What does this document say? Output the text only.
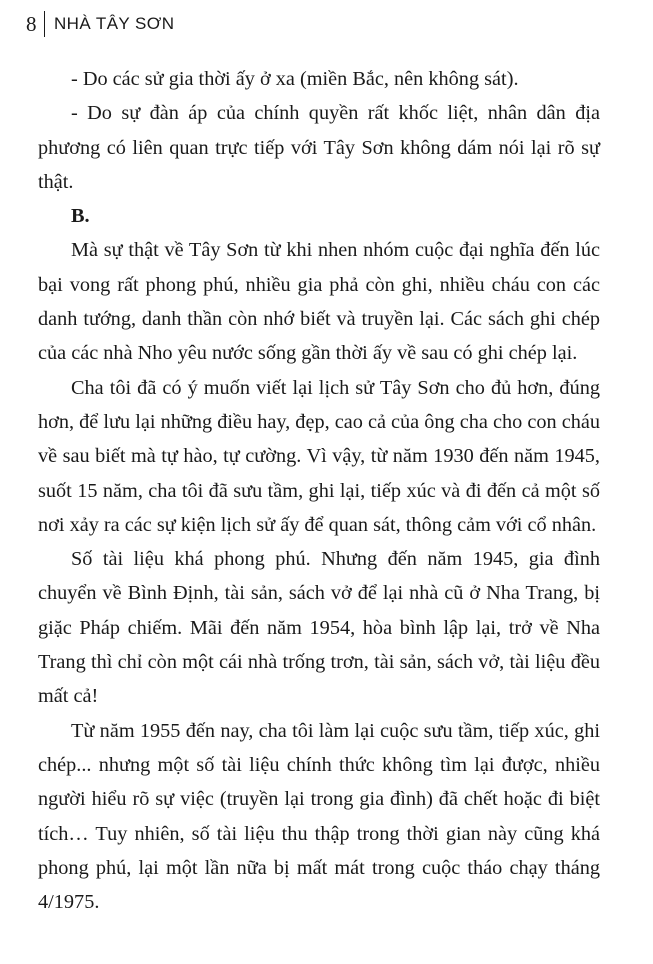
8 NHÀ TÂY SƠN

- Do các sử gia thời ấy ở xa (miền Bắc, nên không sát).

- Do sự đàn áp của chính quyền rất khốc liệt, nhân dân địa phương có liên quan trực tiếp với Tây Sơn không dám nói lại rõ sự thật.

B.

Mà sự thật về Tây Sơn từ khi nhen nhóm cuộc đại nghĩa đến lúc bại vong rất phong phú, nhiều gia phả còn ghi, nhiều cháu con các danh tướng, danh thần còn nhớ biết và truyền lại. Các sách ghi chép của các nhà Nho yêu nước sống gần thời ấy về sau có ghi chép lại.

Cha tôi đã có ý muốn viết lại lịch sử Tây Sơn cho đủ hơn, đúng hơn, để lưu lại những điều hay, đẹp, cao cả của ông cha cho con cháu về sau biết mà tự hào, tự cường. Vì vậy, từ năm 1930 đến năm 1945, suốt 15 năm, cha tôi đã sưu tầm, ghi lại, tiếp xúc và đi đến cả một số nơi xảy ra các sự kiện lịch sử ấy để quan sát, thông cảm với cổ nhân.

Số tài liệu khá phong phú. Nhưng đến năm 1945, gia đình chuyển về Bình Định, tài sản, sách vở để lại nhà cũ ở Nha Trang, bị giặc Pháp chiếm. Mãi đến năm 1954, hòa bình lập lại, trở về Nha Trang thì chỉ còn một cái nhà trống trơn, tài sản, sách vở, tài liệu đều mất cả!

Từ năm 1955 đến nay, cha tôi làm lại cuộc sưu tầm, tiếp xúc, ghi chép... nhưng một số tài liệu chính thức không tìm lại được, nhiều người hiểu rõ sự việc (truyền lại trong gia đình) đã chết hoặc đi biệt tích… Tuy nhiên, số tài liệu thu thập trong thời gian này cũng khá phong phú, lại một lần nữa bị mất mát trong cuộc tháo chạy tháng 4/1975.
